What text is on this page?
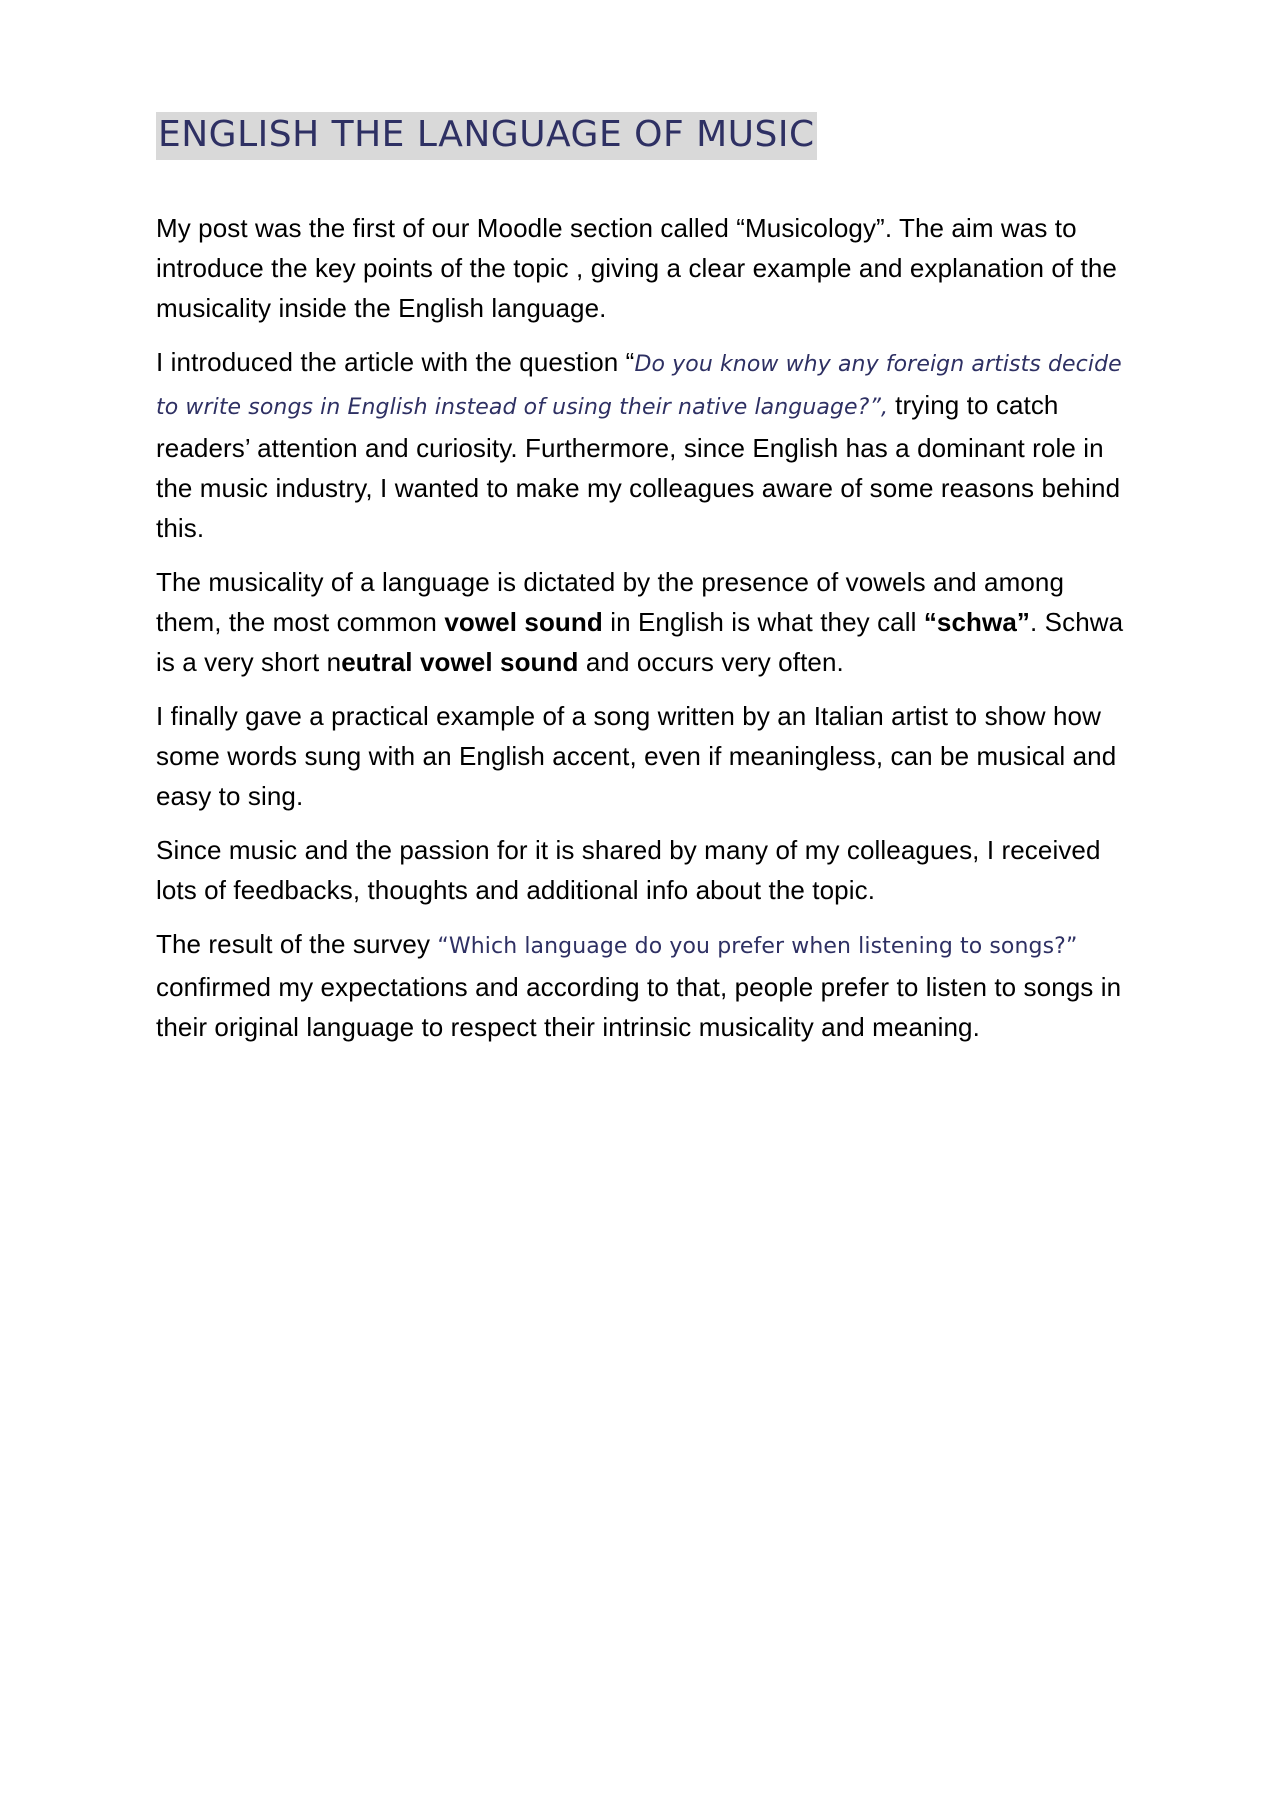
ENGLISH THE LANGUAGE OF MUSIC

My post was the first of our Moodle section called “Musicology”. The aim was to introduce the key points of the topic , giving a clear example and explanation of the musicality inside the English language.

I introduced the article with the question “Do you know why any foreign artists decide to write songs in English instead of using their native language?”, trying to catch readers’ attention and curiosity. Furthermore, since English has a dominant role in the music industry, I wanted to make my colleagues aware of some reasons behind this.

The musicality of a language is dictated by the presence of vowels and among them, the most common vowel sound in English is what they call “schwa”. Schwa is a very short neutral vowel sound and occurs very often.

I finally gave a practical example of a song written by an Italian artist to show how some words sung with an English accent, even if meaningless, can be musical and easy to sing.

Since music and the passion for it is shared by many of my colleagues, I received lots of feedbacks, thoughts and additional info about the topic.

The result of the survey “Which language do you prefer when listening to songs?” confirmed my expectations and according to that, people prefer to listen to songs in their original language to respect their intrinsic musicality and meaning.
